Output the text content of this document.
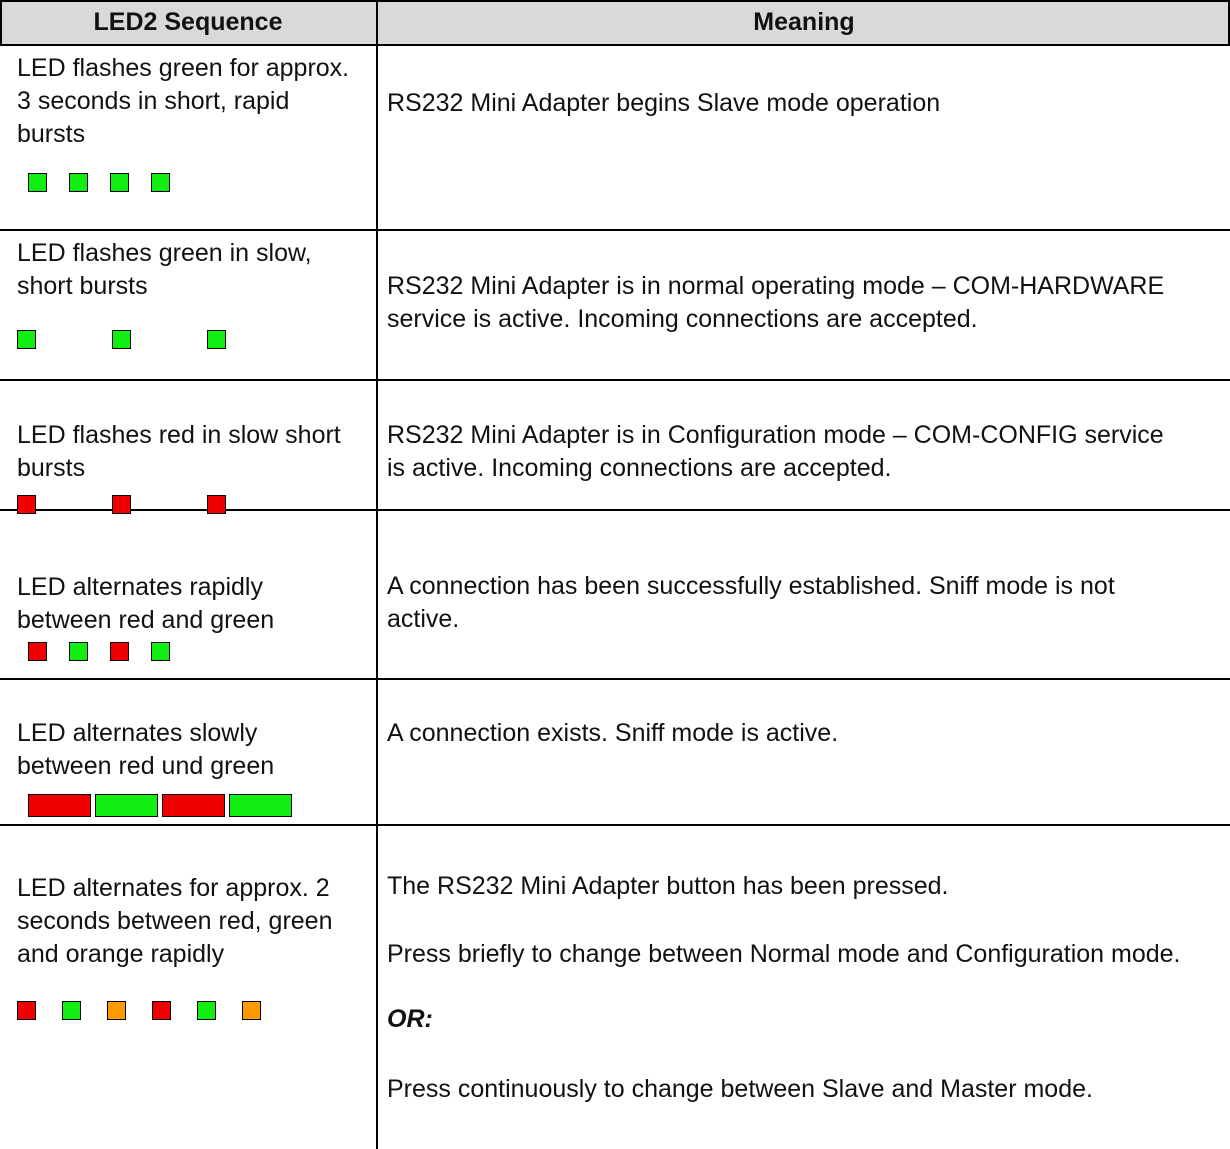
LED2 Sequence	Meaning
LED flashes green for approx.
3 seconds in short, rapid
bursts
RS232 Mini Adapter begins Slave mode operation
LED flashes green in slow,
short bursts	RS232 Mini Adapter is in normal operating mode – COM-HARDWARE
service is active. Incoming connections are accepted.
LED flashes red in slow short
bursts
RS232 Mini Adapter is in Configuration mode – COM-CONFIG service
is active. Incoming connections are accepted.
LED alternates rapidly
between red and green
A connection has been successfully established. Sniff mode is not
active.
LED alternates slowly
between red und green
A connection exists. Sniff mode is active.
LED alternates for approx. 2
seconds between red, green
and orange rapidly
The RS232 Mini Adapter button has been pressed.
Press briefly to change between Normal mode and Configuration mode.
OR:
Press continuously to change between Slave and Master mode.
